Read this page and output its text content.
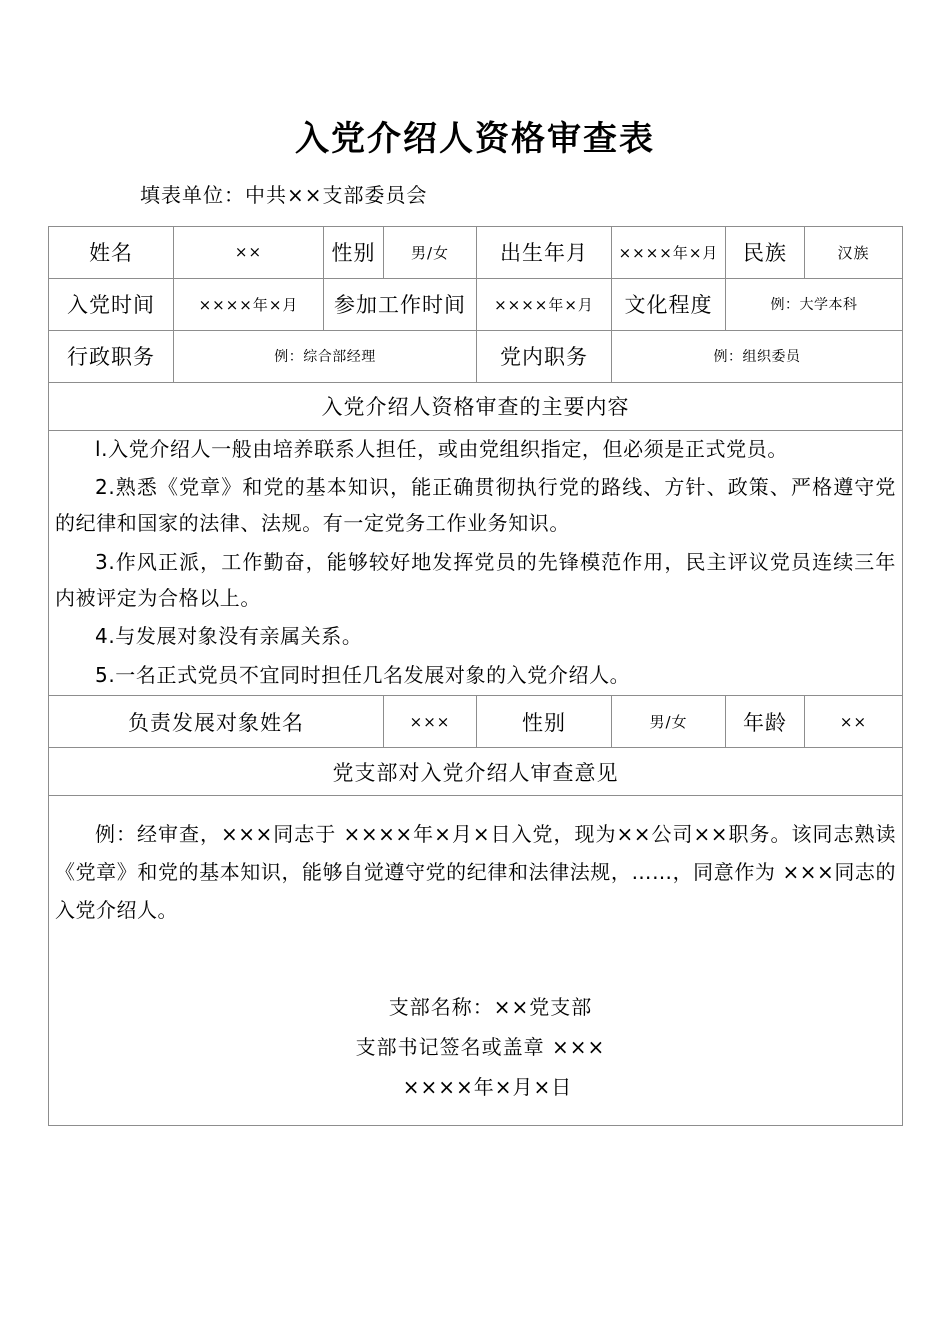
入党介绍人资格审查表
填表单位：中共××支部委员会
姓名	××	性别	男/女	出生年月	××××年×月	民族	汉族
入党时间	××××年×月	参加工作时间		××××年×月	文化程度	例：大学本科	
行政职务	例：综合部经理			党内职务	例：组织委员		
入党介绍人资格审查的主要内容							

l.入党介绍人一般由培养联系人担任，或由党组织指定，但必须是正式党员。

2.熟悉《党章》和党的基本知识，能正确贯彻执行党的路线、方针、政策、严格遵守党的纪律和国家的法律、法规。有一定党务工作业务知识。

3.作风正派，工作勤奋，能够较好地发挥党员的先锋模范作用，民主评议党员连续三年内被评定为合格以上。

4.与发展对象没有亲属关系。

5.一名正式党员不宜同时担任几名发展对象的入党介绍人。							

负责发展对象姓名			×××	性别	男/女	年龄	××
党支部对入党介绍人审查意见							

例：经审查，×××同志于 ××××年×月×日入党，现为××公司××职务。该同志熟读《党章》和党的基本知识，能够自觉遵守党的纪律和法律法规，……，同意作为 ×××同志的入党介绍人。

支部名称：××党支部
支部书记签名或盖章 ×××
××××年×月×日							
